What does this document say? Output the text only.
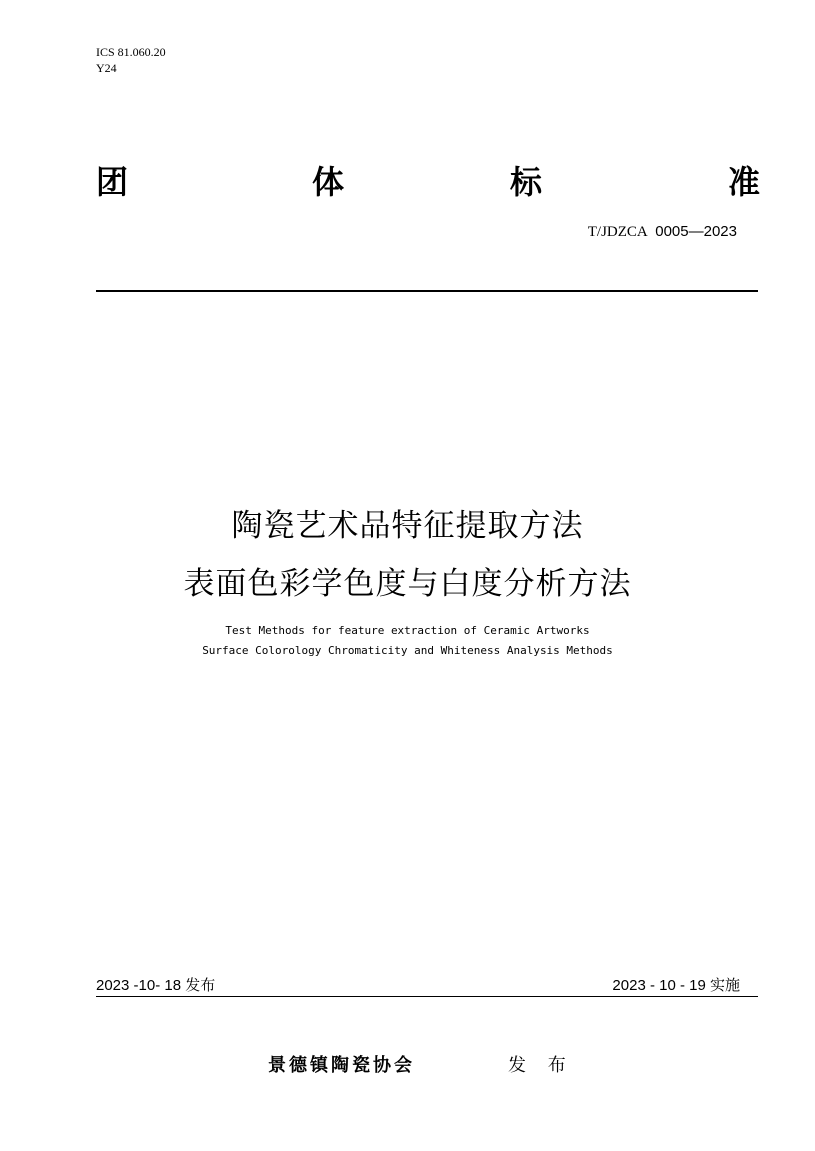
ICS 81.060.20
Y24
团	体	标	准
T/JDZCA 0005—2023
陶瓷艺术品特征提取方法
表面色彩学色度与白度分析方法
Test Methods for feature extraction of Ceramic Artworks
Surface Colorology Chromaticity and Whiteness Analysis Methods
2023 -10- 18 发布	2023 - 10 - 19 实施
景德镇陶瓷协会	发 布
